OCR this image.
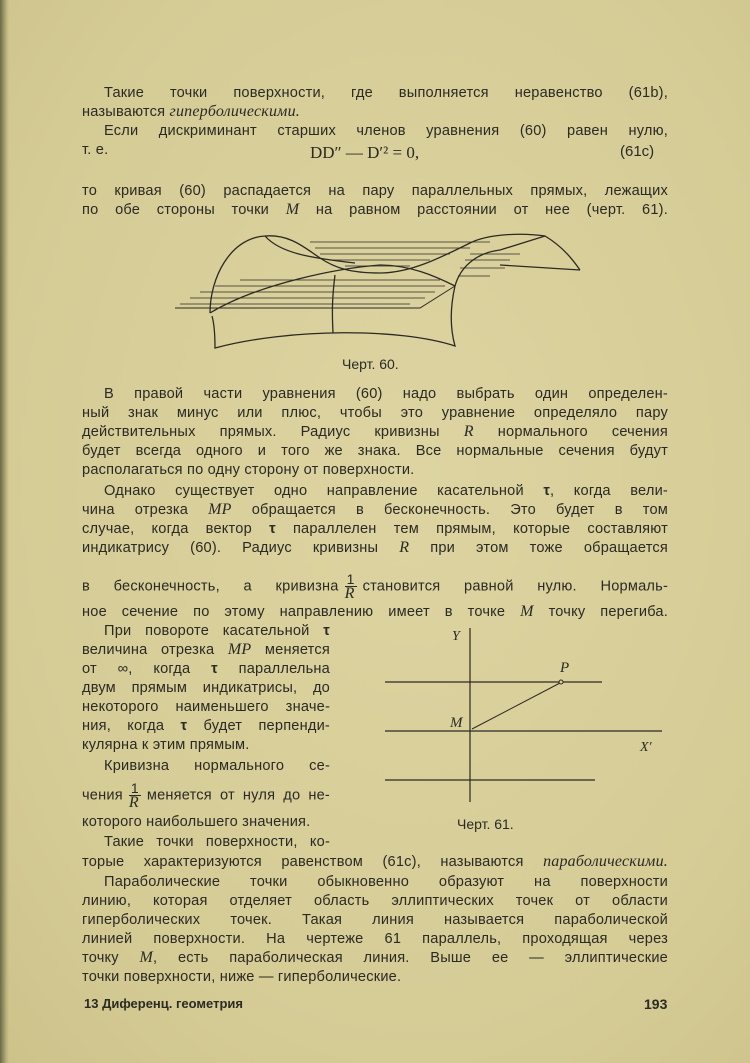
Такие точки поверхности, где выполняется неравенство (61b),
называются гиперболическими.
Если дискриминант старших членов уравнения (60) равен нулю,
т. е.
то кривая (60) распадается на пару параллельных прямых, лежащих
по обе стороны точки M на равном расстоянии от нее (черт. 61).
В правой части уравнения (60) надо выбрать один определен-
ный знак минус или плюс, чтобы это уравнение определяло пару
действительных прямых. Радиус кривизны R нормального сечения
будет всегда одного и того же знака. Все нормальные сечения будут
располагаться по одну сторону от поверхности.
Однако существует одно направление касательной τ, когда вели-
чина отрезка MP обращается в бесконечность. Это будет в том
случае, когда вектор τ параллелен тем прямым, которые составляют
индикатрису (60). Радиус кривизны R при этом тоже обращается
в бесконечность, а кривизна $\frac{1}{R}$ становится равной нулю. Нормаль-
ное сечение по этому направлению имеет в точке M точку перегиба.
При повороте касательной τ
величина отрезка MP меняется
от ∞, когда τ параллельна
двум прямым индикатрисы, до
некоторого наименьшего значе-
ния, когда τ будет перпенди-
кулярна к этим прямым.
Кривизна нормального се-
чения $\frac{1}{R}$ меняется от нуля до не-
которого наибольшего значения.
Такие точки поверхности, ко-
торые характеризуются равенством (61c), называются параболическими.
Параболические точки обыкновенно образуют на поверхности
линию, которая отделяет область эллиптических точек от области
гиперболических точек. Такая линия называется параболической
линией поверхности. На чертеже 61 параллель, проходящая через
точку M, есть параболическая линия. Выше ее — эллиптические
точки поверхности, ниже — гиперболические.
DD″ — D′² = 0,	(61c)
Черт. 60.
Y
P
M
X′
Черт. 61.
13 Диференц. геометрия	193
